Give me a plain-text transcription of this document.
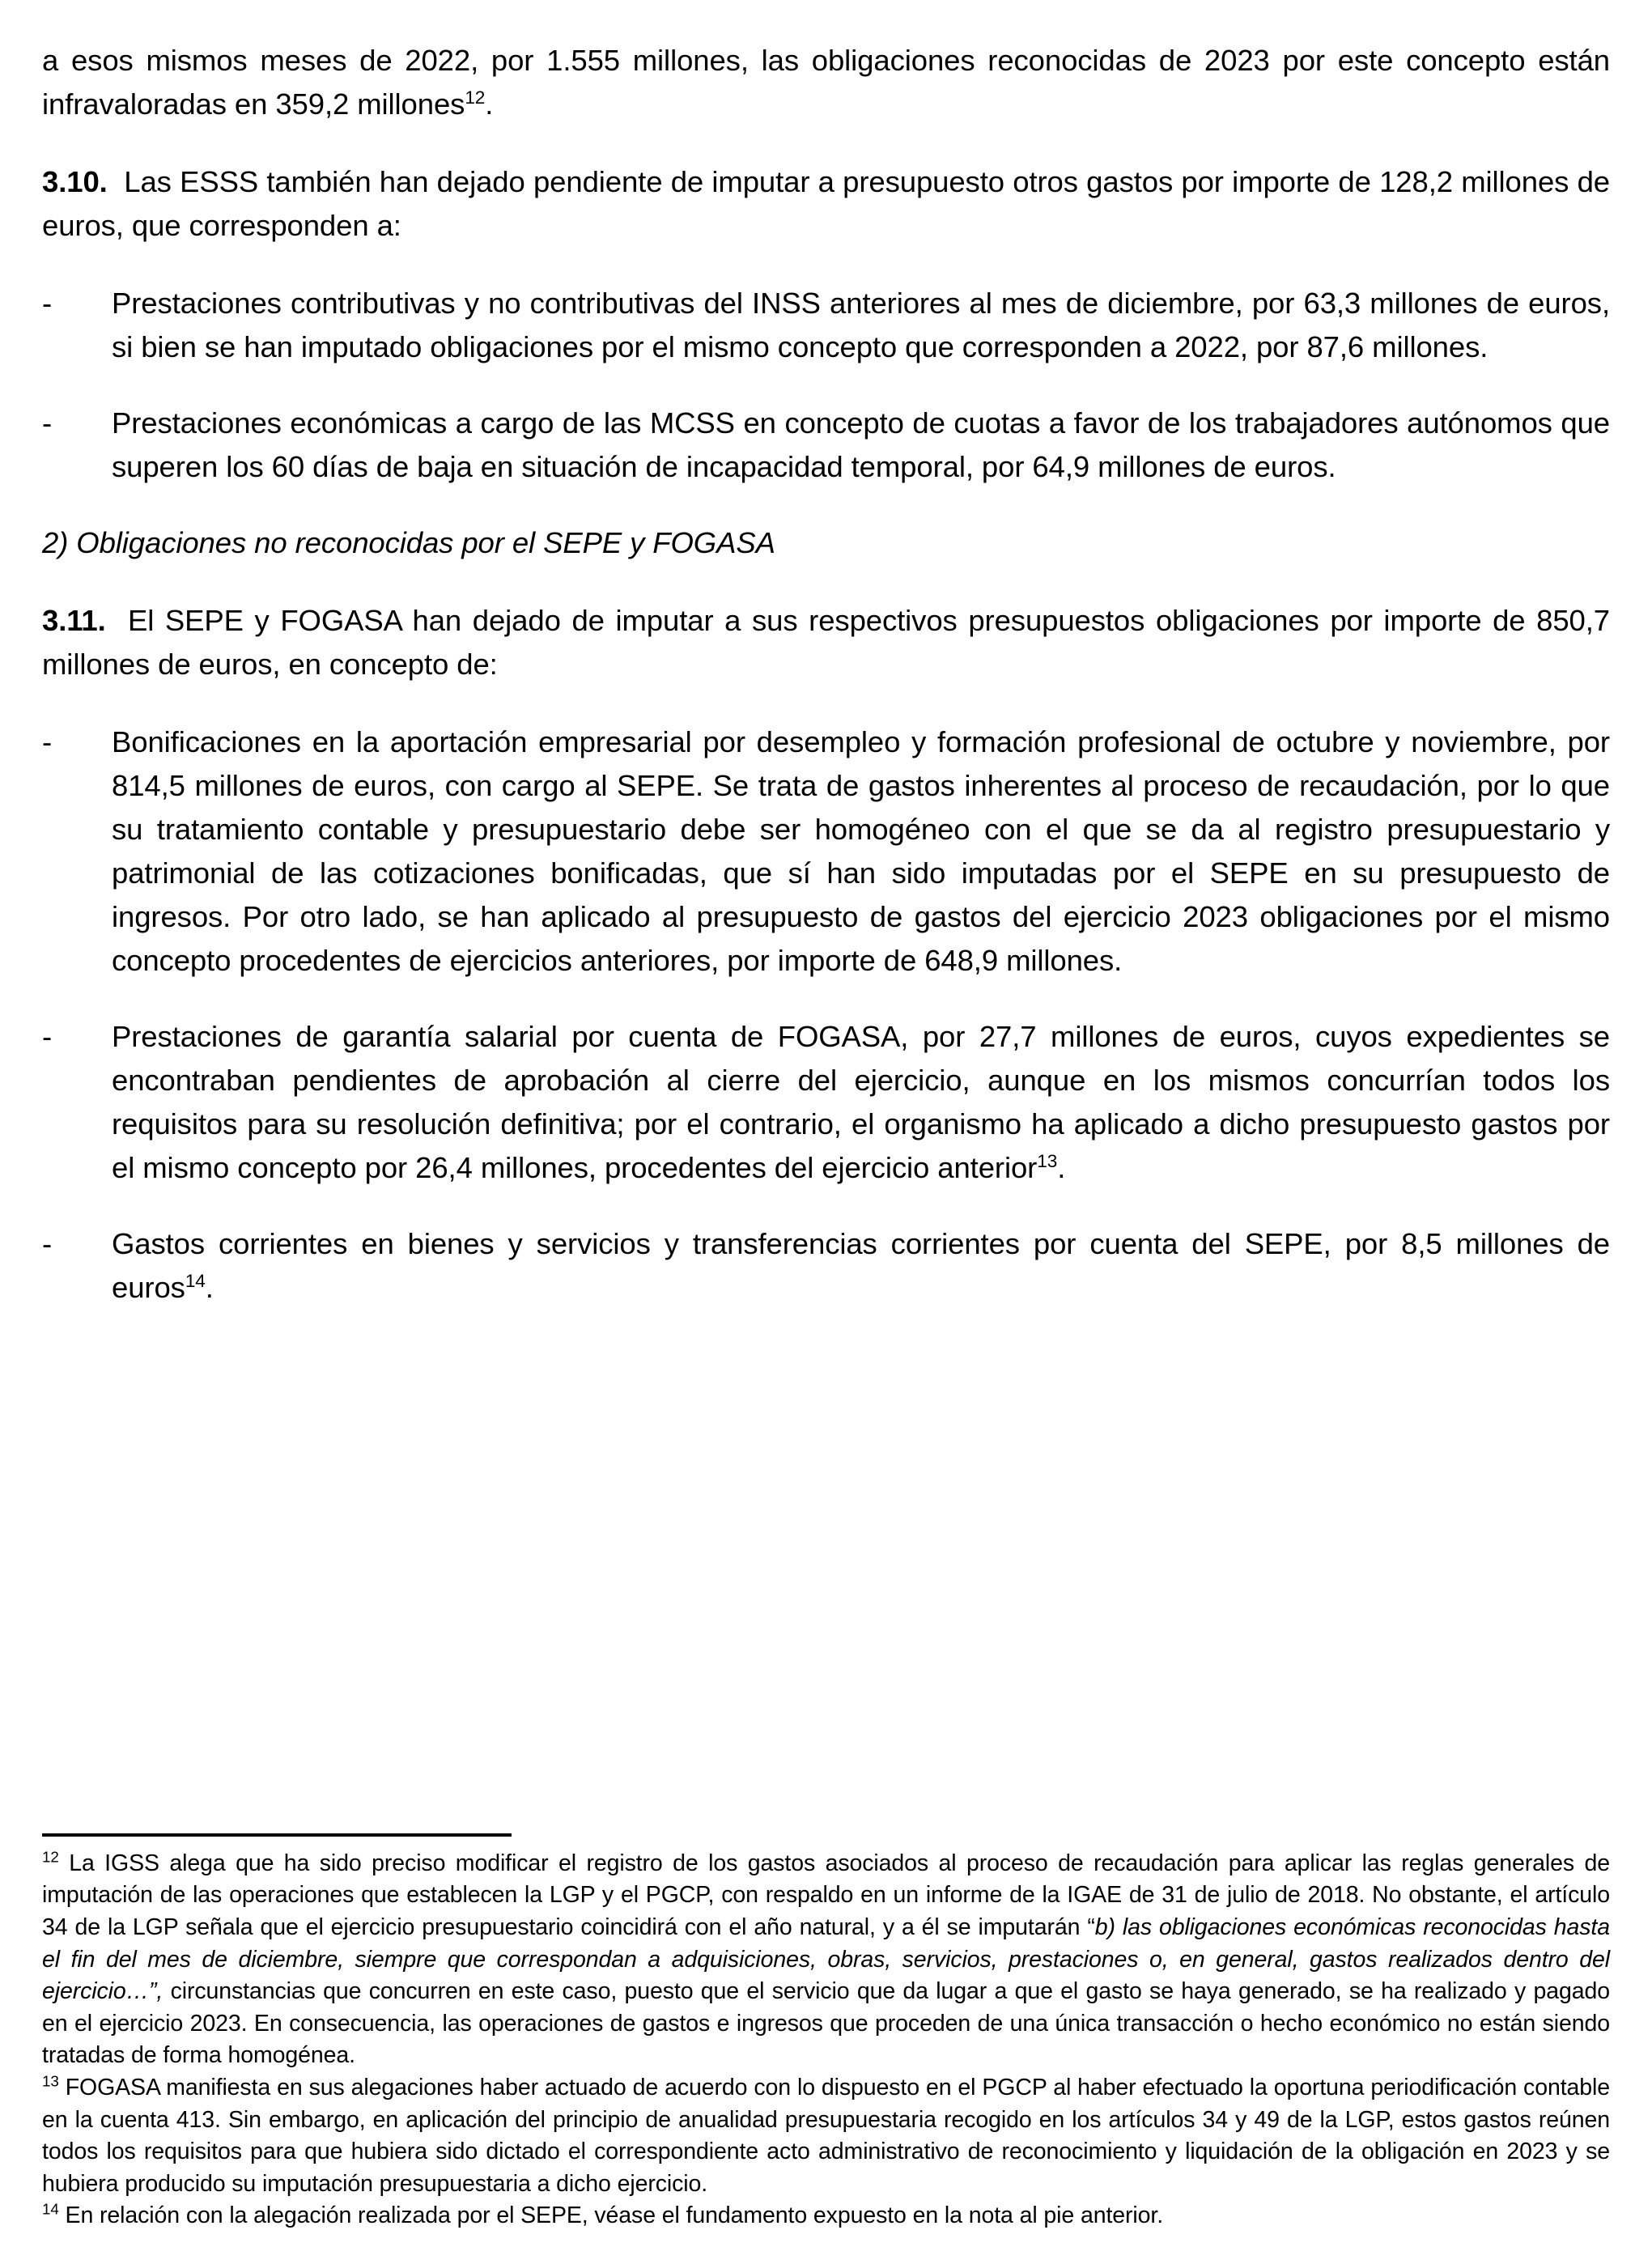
a esos mismos meses de 2022, por 1.555 millones, las obligaciones reconocidas de 2023 por este concepto están infravaloradas en 359,2 millones$^{12}$.

3.10. Las ESSS también han dejado pendiente de imputar a presupuesto otros gastos por importe de 128,2 millones de euros, que corresponden a:

- Prestaciones contributivas y no contributivas del INSS anteriores al mes de diciembre, por 63,3 millones de euros, si bien se han imputado obligaciones por el mismo concepto que corresponden a 2022, por 87,6 millones.
- Prestaciones económicas a cargo de las MCSS en concepto de cuotas a favor de los trabajadores autónomos que superen los 60 días de baja en situación de incapacidad temporal, por 64,9 millones de euros.

2) Obligaciones no reconocidas por el SEPE y FOGASA

3.11. El SEPE y FOGASA han dejado de imputar a sus respectivos presupuestos obligaciones por importe de 850,7 millones de euros, en concepto de:

- Bonificaciones en la aportación empresarial por desempleo y formación profesional de octubre y noviembre, por 814,5 millones de euros, con cargo al SEPE. Se trata de gastos inherentes al proceso de recaudación, por lo que su tratamiento contable y presupuestario debe ser homogéneo con el que se da al registro presupuestario y patrimonial de las cotizaciones bonificadas, que sí han sido imputadas por el SEPE en su presupuesto de ingresos. Por otro lado, se han aplicado al presupuesto de gastos del ejercicio 2023 obligaciones por el mismo concepto procedentes de ejercicios anteriores, por importe de 648,9 millones.
- Prestaciones de garantía salarial por cuenta de FOGASA, por 27,7 millones de euros, cuyos expedientes se encontraban pendientes de aprobación al cierre del ejercicio, aunque en los mismos concurrían todos los requisitos para su resolución definitiva; por el contrario, el organismo ha aplicado a dicho presupuesto gastos por el mismo concepto por 26,4 millones, procedentes del ejercicio anterior$^{13}$.
- Gastos corrientes en bienes y servicios y transferencias corrientes por cuenta del SEPE, por 8,5 millones de euros$^{14}$.

$^{12}$ La IGSS alega que ha sido preciso modificar el registro de los gastos asociados al proceso de recaudación para aplicar las reglas generales de imputación de las operaciones que establecen la LGP y el PGCP, con respaldo en un informe de la IGAE de 31 de julio de 2018. No obstante, el artículo 34 de la LGP señala que el ejercicio presupuestario coincidirá con el año natural, y a él se imputarán “b) las obligaciones económicas reconocidas hasta el fin del mes de diciembre, siempre que correspondan a adquisiciones, obras, servicios, prestaciones o, en general, gastos realizados dentro del ejercicio…”, circunstancias que concurren en este caso, puesto que el servicio que da lugar a que el gasto se haya generado, se ha realizado y pagado en el ejercicio 2023. En consecuencia, las operaciones de gastos e ingresos que proceden de una única transacción o hecho económico no están siendo tratadas de forma homogénea.

$^{13}$ FOGASA manifiesta en sus alegaciones haber actuado de acuerdo con lo dispuesto en el PGCP al haber efectuado la oportuna periodificación contable en la cuenta 413. Sin embargo, en aplicación del principio de anualidad presupuestaria recogido en los artículos 34 y 49 de la LGP, estos gastos reúnen todos los requisitos para que hubiera sido dictado el correspondiente acto administrativo de reconocimiento y liquidación de la obligación en 2023 y se hubiera producido su imputación presupuestaria a dicho ejercicio.

$^{14}$ En relación con la alegación realizada por el SEPE, véase el fundamento expuesto en la nota al pie anterior.
